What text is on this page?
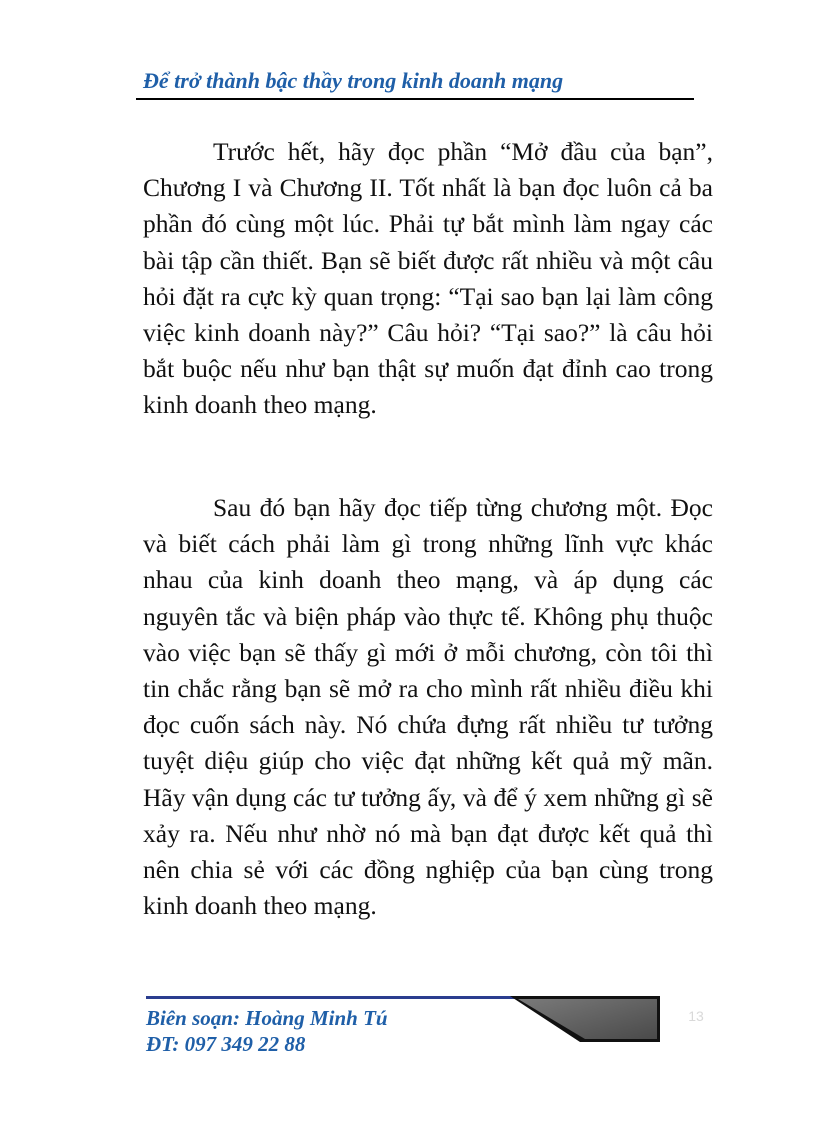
Để trở thành bậc thầy trong kinh doanh mạng

Trước hết, hãy đọc phần “Mở đầu của bạn”, Chương I và Chương II. Tốt nhất là bạn đọc luôn cả ba phần đó cùng một lúc. Phải tự bắt mình làm ngay các bài tập cần thiết. Bạn sẽ biết được rất nhiều và một câu hỏi đặt ra cực kỳ quan trọng: “Tại sao bạn lại làm công việc kinh doanh này?” Câu hỏi? “Tại sao?” là câu hỏi bắt buộc nếu như bạn thật sự muốn đạt đỉnh cao trong kinh doanh theo mạng.

Sau đó bạn hãy đọc tiếp từng chương một. Đọc và biết cách phải làm gì trong những lĩnh vực khác nhau của kinh doanh theo mạng, và áp dụng các nguyên tắc và biện pháp vào thực tế. Không phụ thuộc vào việc bạn sẽ thấy gì mới ở mỗi chương, còn tôi thì tin chắc rằng bạn sẽ mở ra cho mình rất nhiều điều khi đọc cuốn sách này. Nó chứa đựng rất nhiều tư tưởng tuyệt diệu giúp cho việc đạt những kết quả mỹ mãn. Hãy vận dụng các tư tưởng ấy, và để ý xem những gì sẽ xảy ra. Nếu như nhờ nó mà bạn đạt được kết quả thì nên chia sẻ với các đồng nghiệp của bạn cùng trong kinh doanh theo mạng.

13
Biên soạn: Hoàng Minh Tú
ĐT: 097 349 22 88
